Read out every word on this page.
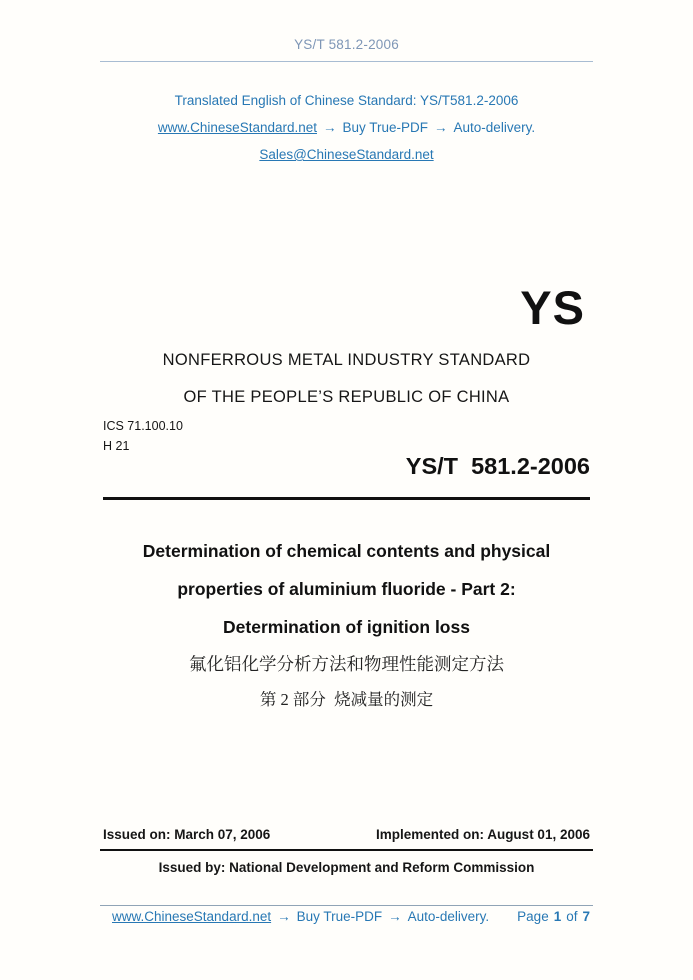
YS/T 581.2-2006
Translated English of Chinese Standard: YS/T581.2-2006
www.ChineseStandard.net → Buy True-PDF → Auto-delivery.
Sales@ChineseStandard.net
YS
NONFERROUS METAL INDUSTRY STANDARD
OF THE PEOPLE’S REPUBLIC OF CHINA
ICS 71.100.10
H 21
YS/T  581.2-2006
Determination of chemical contents and physical
properties of aluminium fluoride - Part 2:
Determination of ignition loss
氟化铝化学分析方法和物理性能测定方法
第 2 部分  烧减量的测定
Issued on: March 07, 2006	Implemented on: August 01, 2006
Issued by: National Development and Reform Commission
www.ChineseStandard.net → Buy True-PDF → Auto-delivery. Page 1 of 7
